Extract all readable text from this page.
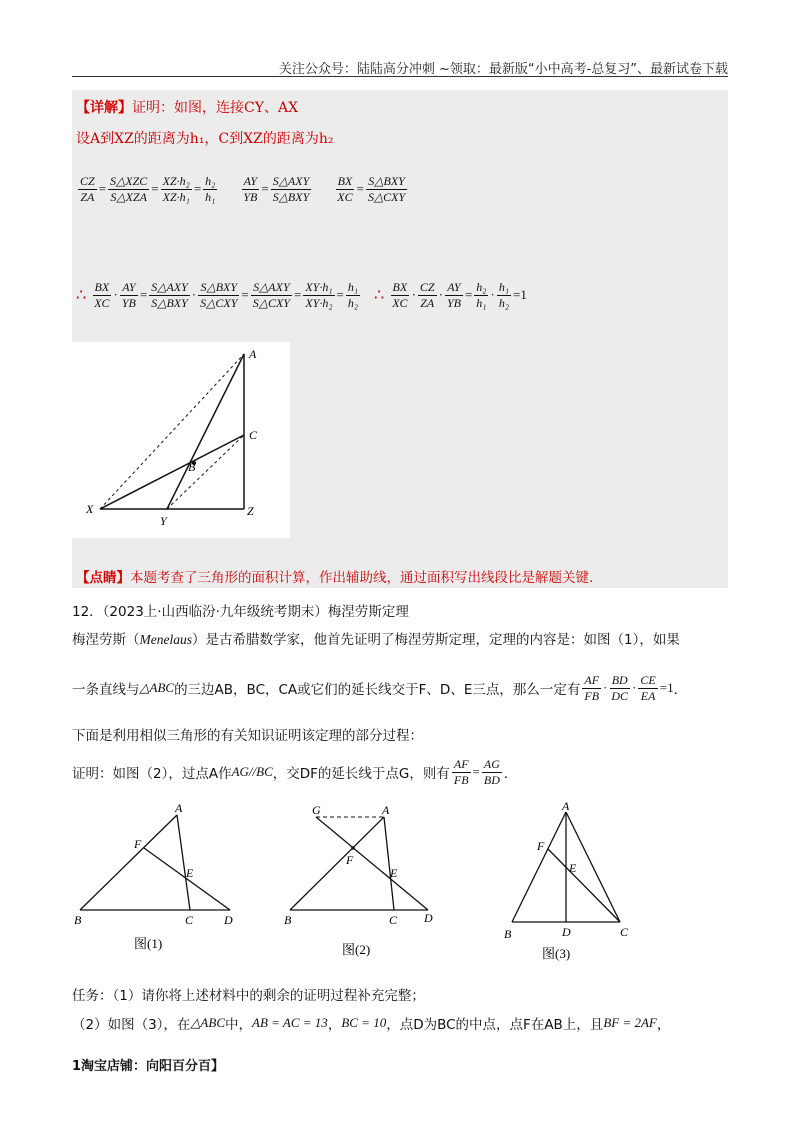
关注公众号：陆陆高分冲刺 ~领取：最新版“小中高考-总复习”、最新试卷下载
【详解】证明：如图，连接CY、AX
设A到XZ的距离为h₁，C到XZ的距离为h₂
$\frac{CZ}{ZA} = \frac{\text{S△XZC}}{\text{S△XZA}} = \frac{\text{XZ·h₂}}{\text{XZ·h₁}} = \frac{\text{h₂}}{\text{h₁}} \frac{AY}{YB} = \frac{\text{S△AXY}}{\text{S△BXY}} \frac{BX}{XC} = \frac{\text{S△BXY}}{\text{S△CXY}}$
∴ $\frac{BX}{XC} \cdot \frac{AY}{YB} = \frac{\text{S△AXY}}{\text{S△BXY}} \cdot \frac{\text{S△BXY}}{\text{S△CXY}} = \frac{\text{S△AXY}}{\text{S△CXY}} = \frac{\text{XY·h₁}}{\text{XY·h₂}} = \frac{\text{h₁}}{\text{h₂}}$ ∴ $\frac{BX}{XC} \cdot \frac{CZ}{ZA} \cdot \frac{AY}{YB} = \frac{\text{h₂}}{\text{h₁}} \cdot \frac{\text{h₁}}{\text{h₂}} =1$
A
B
C
X
Y
Z
【点睛】本题考查了三角形的面积计算，作出辅助线，通过面积写出线段比是解题关键.
12．（2023上·山西临汾·九年级统考期末）梅涅劳斯定理
梅涅劳斯（Menelaus）是古希腊数学家，他首先证明了梅涅劳斯定理，定理的内容是：如图（1），如果
一条直线与 △ABC 的三边AB，BC，CA或它们的延长线交于F、D、E三点，那么一定有 $\frac{AF}{FB} \cdot \frac{BD}{DC} \cdot \frac{CE}{EA} =1$ ．
下面是利用相似三角形的有关知识证明该定理的部分过程：
证明：如图（2），过点A作 AG//BC ，交DF的延长线于点G，则有 $\frac{AF}{FB} = \frac{AG}{BD}$ ．
A
F
E
B	C	D
图(1)
G	A
F
E
B	C D
图(2)
A
F
E
B	D	C
图(3)
任务：（1）请你将上述材料中的剩余的证明过程补充完整；
（2）如图（3），在 △ABC 中， AB = AC = 13 ， BC = 10 ，点D为BC的中点，点F在AB上，且 BF = 2AF ，
1淘宝店铺：向阳百分百】
